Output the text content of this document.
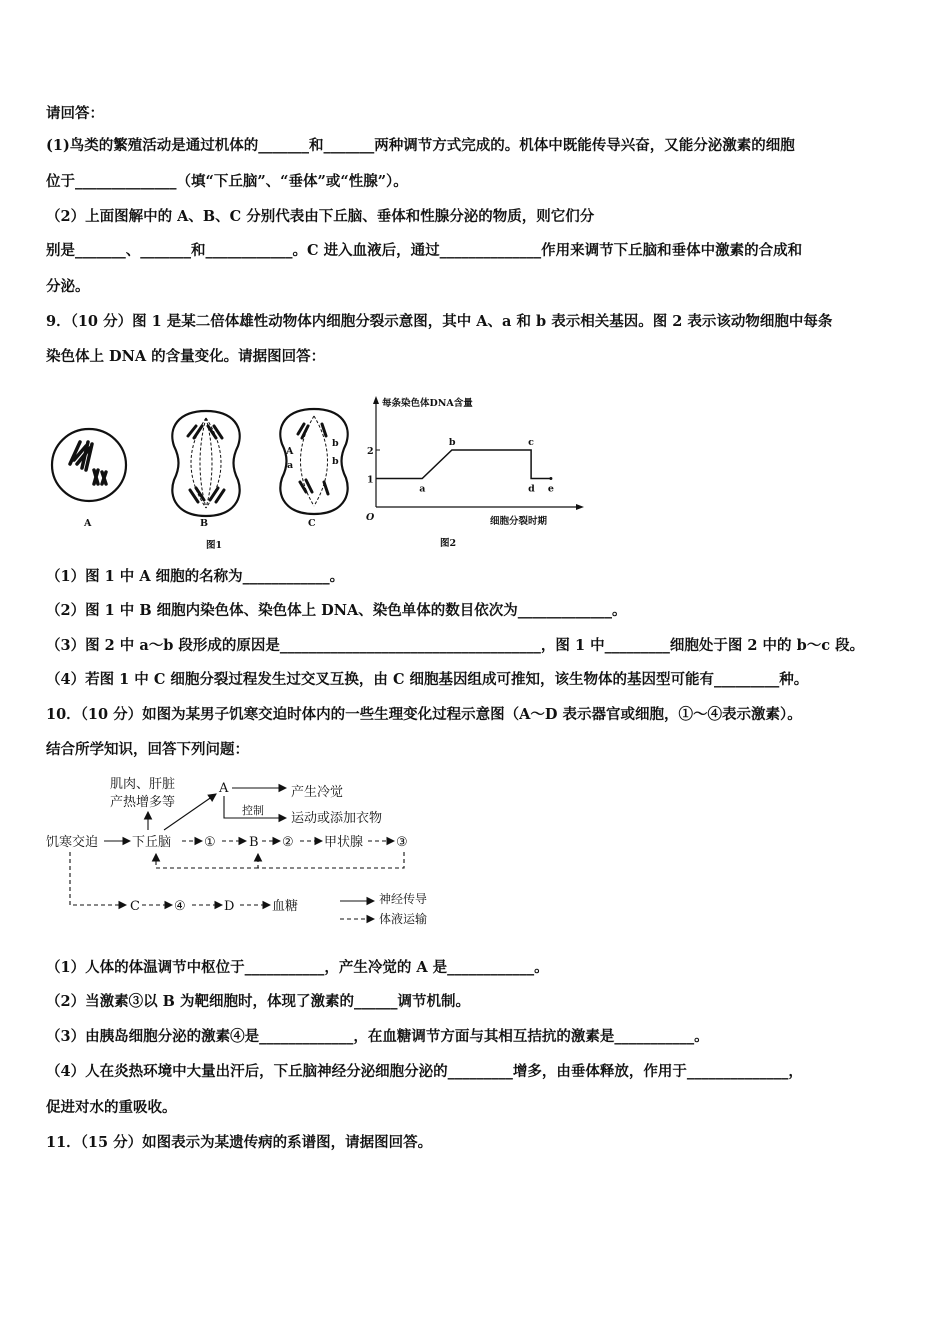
请回答：
(1)鸟类的繁殖活动是通过机体的_______和_______两种调节方式完成的。机体中既能传导兴奋，又能分泌激素的细胞
位于______________（填“下丘脑”、“垂体”或“性腺”）。
（2）上面图解中的 A、B、C 分别代表由下丘脑、垂体和性腺分泌的物质，则它们分
别是_______、_______和____________。C 进入血液后，通过______________作用来调节下丘脑和垂体中激素的合成和
分泌。
9．（10 分）图 1 是某二倍体雄性动物体内细胞分裂示意图，其中 A、a 和 b 表示相关基因。图 2 表示该动物细胞中每条
染色体上 DNA 的含量变化。请据图回答：
A	B
A
a
b
b
C
图1
每条染色体DNA含量
O	细胞分裂时期
图2
1
2
a
b	c
d e
（1）图 1 中 A 细胞的名称为____________。
（2）图 1 中 B 细胞内染色体、染色体上 DNA、染色单体的数目依次为_____________。
（3）图 2 中 a～b 段形成的原因是____________________________________，图 1 中_________细胞处于图 2 中的 b～c 段。
（4）若图 1 中 C 细胞分裂过程发生过交叉互换，由 C 细胞基因组成可推知，该生物体的基因型可能有_________种。
10．（10 分）如图为某男子饥寒交迫时体内的一些生理变化过程示意图（A～D 表示器官或细胞，①～④表示激素）。
结合所学知识，回答下列问题：
肌肉、肝脏
产热增多等
A	产生冷觉
控制
运动或添加衣物
饥寒交迫	下丘脑	①	B ② 甲状腺	③
C	④	D	血糖	神经传导
体液运输
（1）人体的体温调节中枢位于___________，产生冷觉的 A 是____________。
（2）当激素③以 B 为靶细胞时，体现了激素的______调节机制。
（3）由胰岛细胞分泌的激素④是_____________，在血糖调节方面与其相互拮抗的激素是___________。
（4）人在炎热环境中大量出汗后，下丘脑神经分泌细胞分泌的_________增多，由垂体释放，作用于______________，
促进对水的重吸收。
11．（15 分）如图表示为某遗传病的系谱图，请据图回答。
